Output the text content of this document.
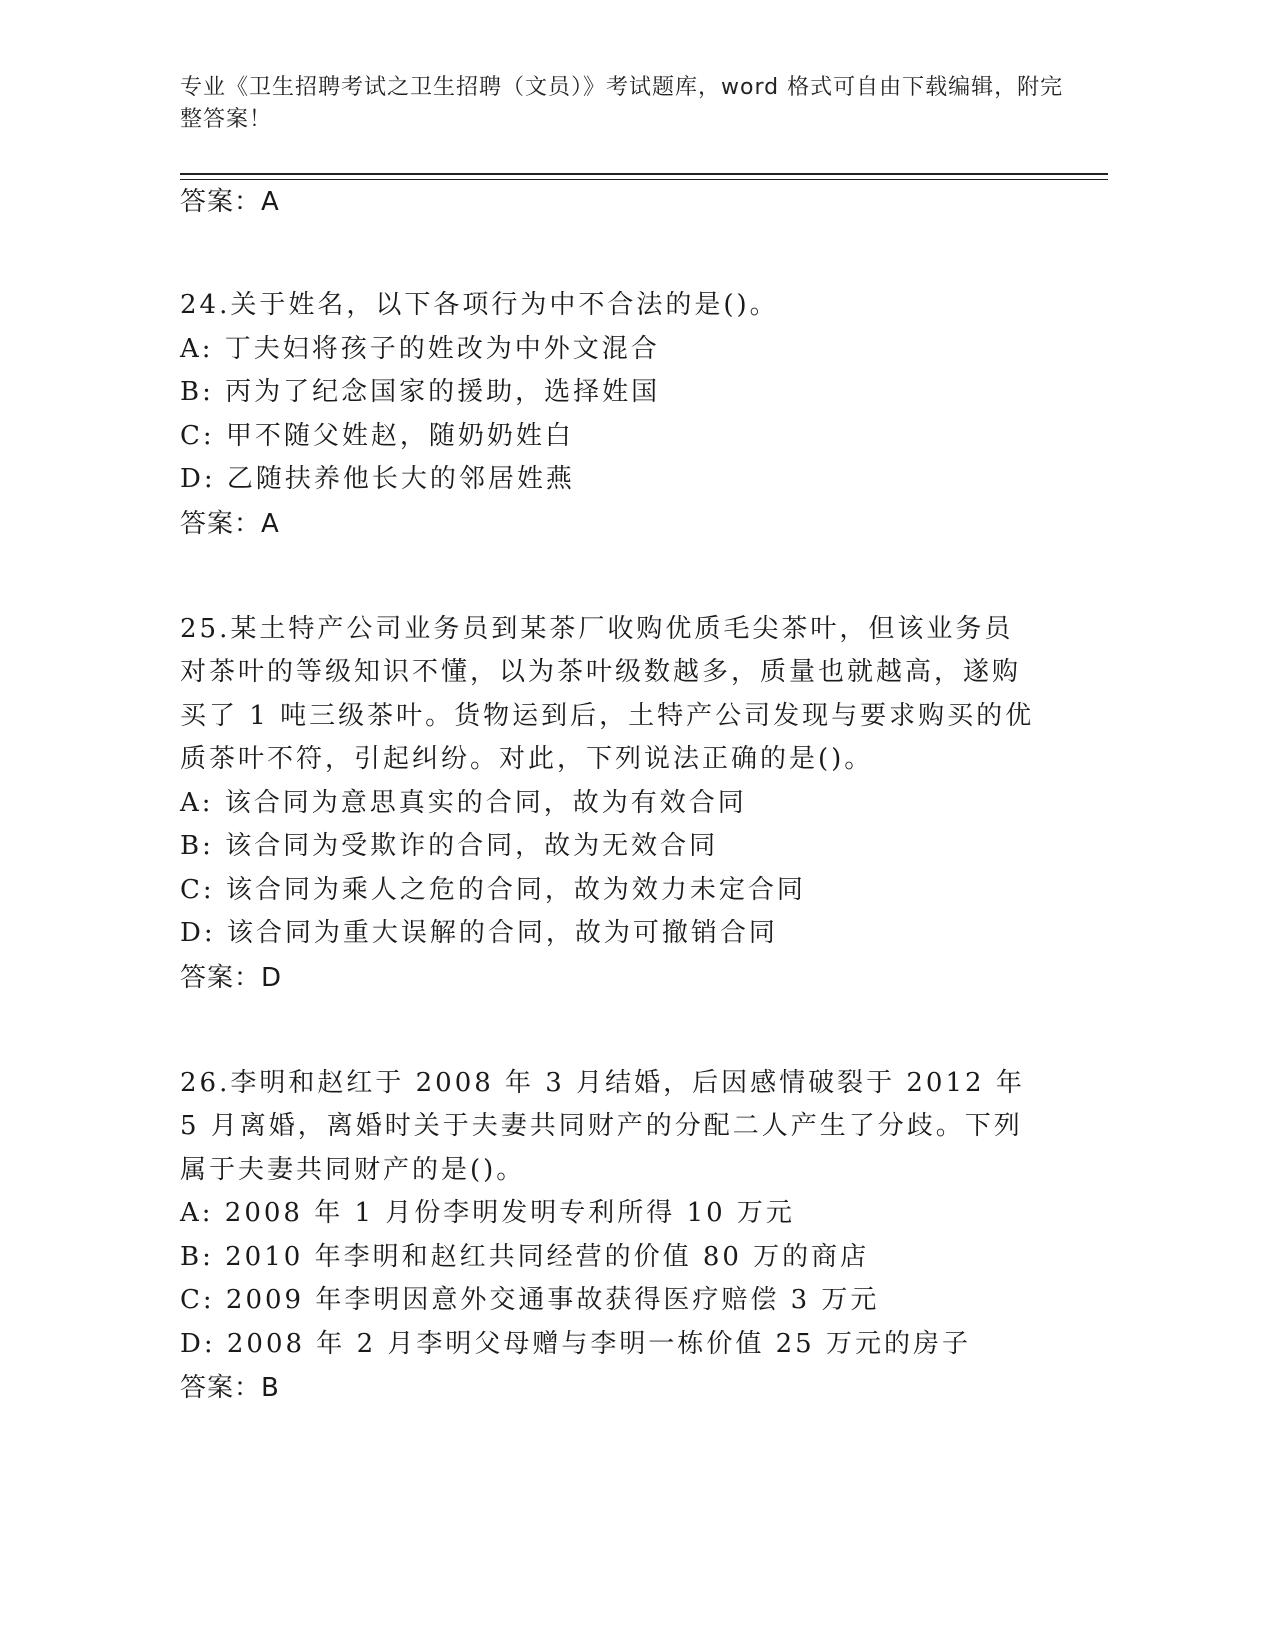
专业《卫生招聘考试之卫生招聘（文员）》考试题库，word 格式可自由下载编辑，附完整答案！

答案：A

24.关于姓名，以下各项行为中不合法的是()。

A: 丁夫妇将孩子的姓改为中外文混合

B: 丙为了纪念国家的援助，选择姓国

C: 甲不随父姓赵，随奶奶姓白

D: 乙随扶养他长大的邻居姓燕

答案：A

25.某土特产公司业务员到某茶厂收购优质毛尖茶叶，但该业务员对茶叶的等级知识不懂，以为茶叶级数越多，质量也就越高，遂购买了 1 吨三级茶叶。货物运到后，土特产公司发现与要求购买的优质茶叶不符，引起纠纷。对此，下列说法正确的是()。

A: 该合同为意思真实的合同，故为有效合同

B: 该合同为受欺诈的合同，故为无效合同

C: 该合同为乘人之危的合同，故为效力未定合同

D: 该合同为重大误解的合同，故为可撤销合同

答案：D

26.李明和赵红于 2008 年 3 月结婚，后因感情破裂于 2012 年 5 月离婚，离婚时关于夫妻共同财产的分配二人产生了分歧。下列属于夫妻共同财产的是()。

A: 2008 年 1 月份李明发明专利所得 10 万元

B: 2010 年李明和赵红共同经营的价值 80 万的商店

C: 2009 年李明因意外交通事故获得医疗赔偿 3 万元

D: 2008 年 2 月李明父母赠与李明一栋价值 25 万元的房子

答案：B
